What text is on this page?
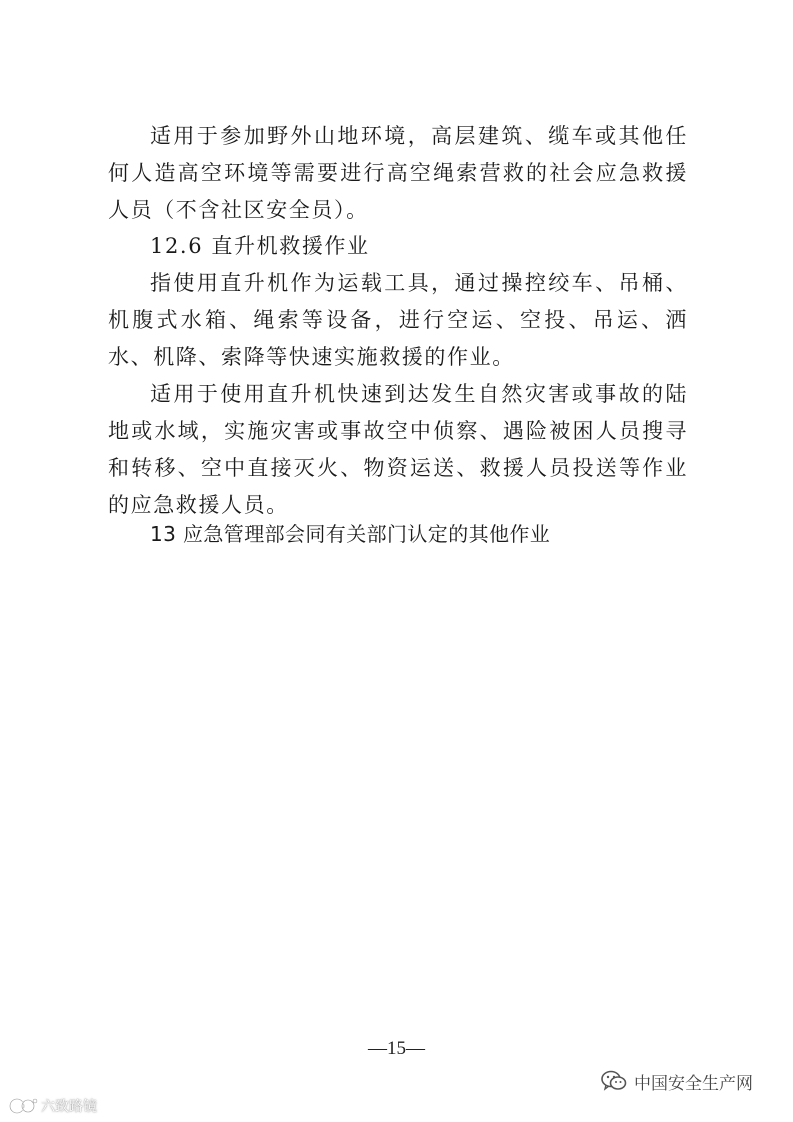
适用于参加野外山地环境，高层建筑、缆车或其他任何人造高空环境等需要进行高空绳索营救的社会应急救援人员（不含社区安全员）。

12.6 直升机救援作业

指使用直升机作为运载工具，通过操控绞车、吊桶、机腹式水箱、绳索等设备，进行空运、空投、吊运、洒水、机降、索降等快速实施救援的作业。

适用于使用直升机快速到达发生自然灾害或事故的陆地或水域，实施灾害或事故空中侦察、遇险被困人员搜寻和转移、空中直接灭火、物资运送、救援人员投送等作业的应急救援人员。

13 应急管理部会同有关部门认定的其他作业
—15—
中国安全生产网
六致路镜
